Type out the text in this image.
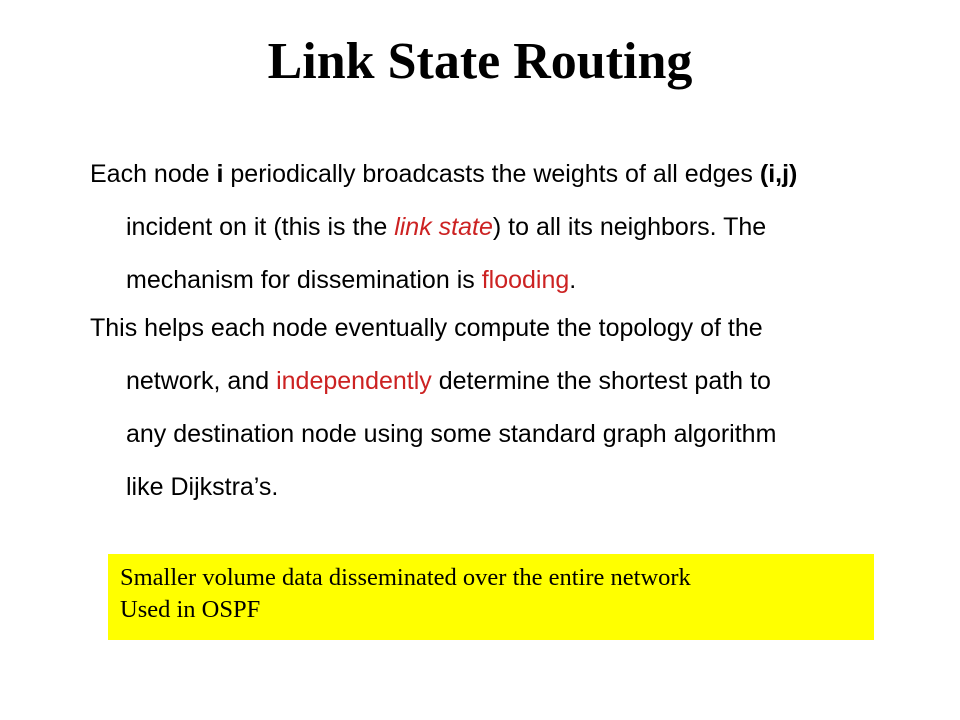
Link State Routing
Each node i periodically broadcasts the weights of all edges (i,j)
incident on it (this is the link state) to all its neighbors. The
mechanism for dissemination is flooding.
This helps each node eventually compute the topology of the
network, and independently determine the shortest path to
any destination node using some standard graph algorithm
like Dijkstra’s.
Smaller volume data disseminated over the entire network
Used in OSPF
